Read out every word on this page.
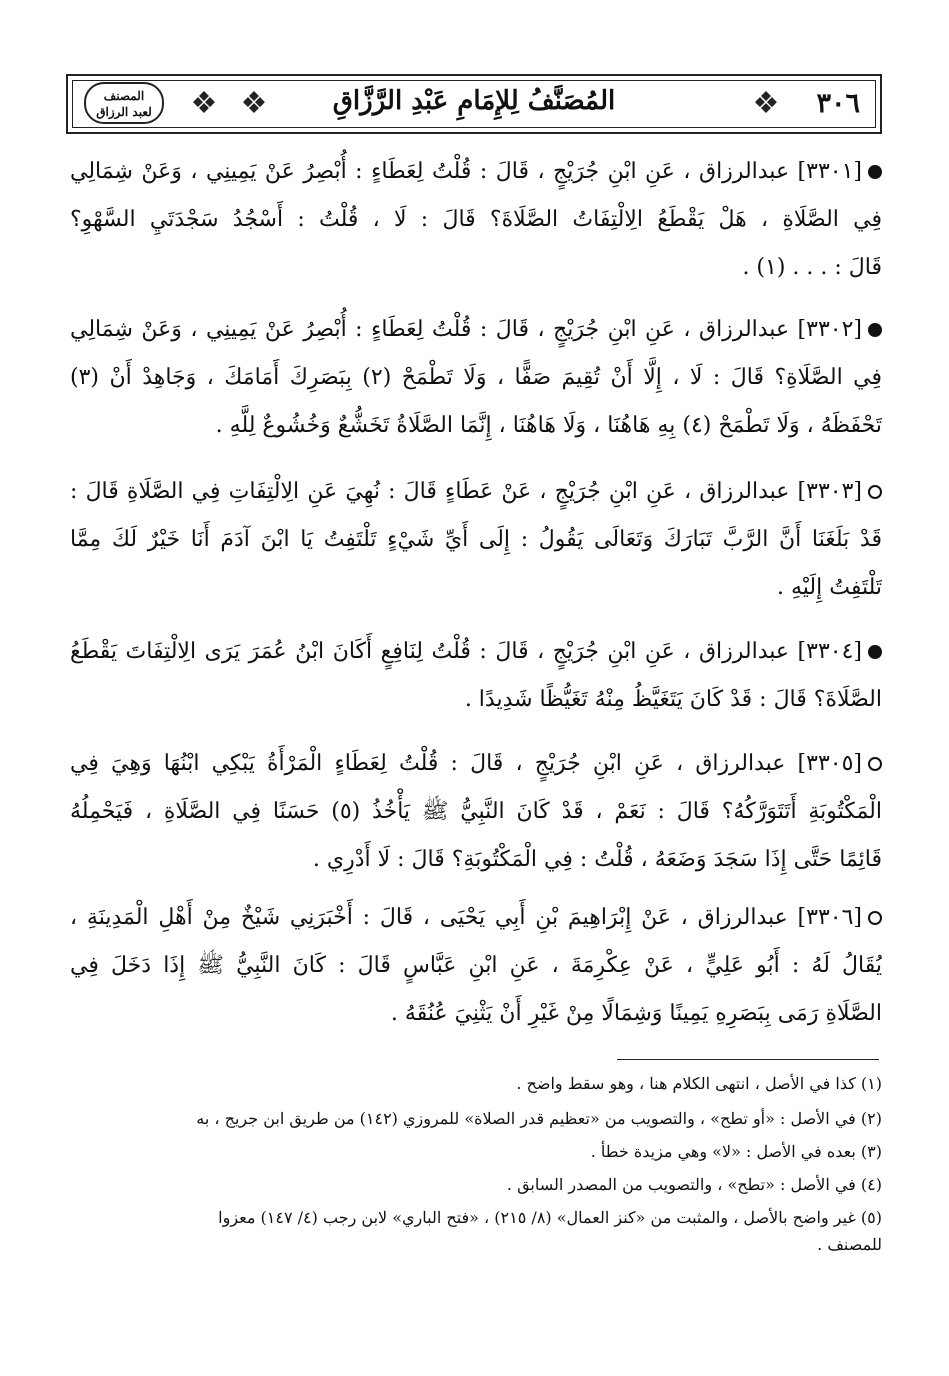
٣٠٦
❖
المُصَنَّفُ لِلإِمَامِ عَبْدِ الرَّزَّاقِ
❖
❖
المصنف
لعبد الرزاق
[٣٣٠١] عبدالرزاق ، عَنِ ابْنِ جُرَيْجٍ ، قَالَ : قُلْتُ لِعَطَاءٍ : أُبْصِرُ عَنْ يَمِينِي ، وَعَنْ شِمَالِي
فِي الصَّلَاةِ ، هَلْ يَقْطَعُ الِالْتِفَاتُ الصَّلَاةَ؟ قَالَ : لَا ، قُلْتُ : أَسْجُدُ سَجْدَتَيِ السَّهْوِ؟
قَالَ : . . . (١) .
[٣٣٠٢] عبدالرزاق ، عَنِ ابْنِ جُرَيْجٍ ، قَالَ : قُلْتُ لِعَطَاءٍ : أُبْصِرُ عَنْ يَمِينِي ، وَعَنْ شِمَالِي
فِي الصَّلَاةِ؟ قَالَ : لَا ، إِلَّا أَنْ تُقِيمَ صَفًّا ، وَلَا تَطْمَحْ (٢) بِبَصَرِكَ أَمَامَكَ ، وَجَاهِدْ أَنْ (٣)
تَحْفَظَهُ ، وَلَا تَطْمَحْ (٤) بِهِ هَاهُنَا ، وَلَا هَاهُنَا ، إِنَّمَا الصَّلَاةُ تَخَشُّعٌ وَخُشُوعٌ لِلَّهِ .
[٣٣٠٣] عبدالرزاق ، عَنِ ابْنِ جُرَيْجٍ ، عَنْ عَطَاءٍ قَالَ : نُهِيَ عَنِ الِالْتِفَاتِ فِي الصَّلَاةِ قَالَ :
قَدْ بَلَغَنَا أَنَّ الرَّبَّ تَبَارَكَ وَتَعَالَى يَقُولُ : إِلَى أَيِّ شَيْءٍ تَلْتَفِتُ يَا ابْنَ آدَمَ أَنَا خَيْرٌ لَكَ مِمَّا
تَلْتَفِتُ إِلَيْهِ .
[٣٣٠٤] عبدالرزاق ، عَنِ ابْنِ جُرَيْجٍ ، قَالَ : قُلْتُ لِنَافِعٍ أَكَانَ ابْنُ عُمَرَ يَرَى الِالْتِفَاتَ يَقْطَعُ
الصَّلَاةَ؟ قَالَ : قَدْ كَانَ يَتَغَيَّظُ مِنْهُ تَغَيُّظًا شَدِيدًا .
[٣٣٠٥] عبدالرزاق ، عَنِ ابْنِ جُرَيْجٍ ، قَالَ : قُلْتُ لِعَطَاءٍ الْمَرْأَةُ يَبْكِي ابْنُهَا وَهِيَ فِي
الْمَكْتُوبَةِ أَتَتَوَرَّكُهُ؟ قَالَ : نَعَمْ ، قَدْ كَانَ النَّبِيُّ ﷺ يَأْخُذُ (٥) حَسَنًا فِي الصَّلَاةِ ، فَيَحْمِلُهُ
قَائِمًا حَتَّى إِذَا سَجَدَ وَضَعَهُ ، قُلْتُ : فِي الْمَكْتُوبَةِ؟ قَالَ : لَا أَدْرِي .
[٣٣٠٦] عبدالرزاق ، عَنْ إِبْرَاهِيمَ بْنِ أَبِي يَحْيَى ، قَالَ : أَخْبَرَنِي شَيْخٌ مِنْ أَهْلِ الْمَدِينَةِ ،
يُقَالُ لَهُ : أَبُو عَلِيٍّ ، عَنْ عِكْرِمَةَ ، عَنِ ابْنِ عَبَّاسٍ قَالَ : كَانَ النَّبِيُّ ﷺ إِذَا دَخَلَ فِي
الصَّلَاةِ رَمَى بِبَصَرِهِ يَمِينًا وَشِمَالًا مِنْ غَيْرِ أَنْ يَثْنِيَ عُنُقَهُ .
(١) كذا في الأصل ، انتهى الكلام هنا ، وهو سقط واضح .
(٢) في الأصل : «أو تطح» ، والتصويب من «تعظيم قدر الصلاة» للمروزي (١٤٢) من طريق ابن جريج ، به
(٣) بعده في الأصل : «لا» وهي مزيدة خطأ .
(٤) في الأصل : «تطح» ، والتصويب من المصدر السابق .
(٥) غير واضح بالأصل ، والمثبت من «كنز العمال» (٨/ ٢١٥) ، «فتح الباري» لابن رجب (٤/ ١٤٧) معزوا
للمصنف .
